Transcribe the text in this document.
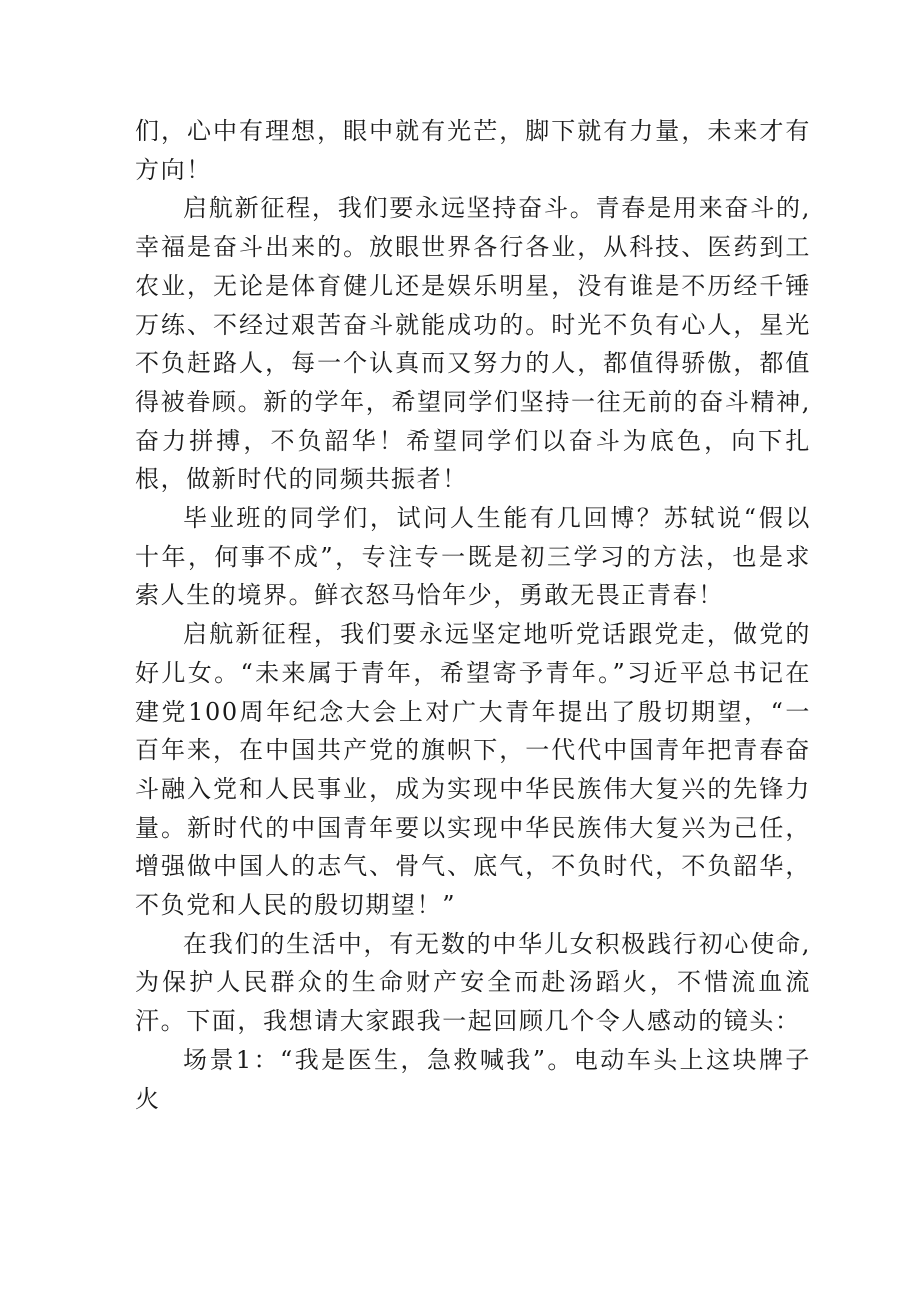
们，心中有理想，眼中就有光芒，脚下就有力量，未来才有方向！

启航新征程，我们要永远坚持奋斗。青春是用来奋斗的,幸福是奋斗出来的。放眼世界各行各业，从科技、医药到工农业，无论是体育健儿还是娱乐明星，没有谁是不历经千锤万练、不经过艰苦奋斗就能成功的。时光不负有心人，星光不负赶路人，每一个认真而又努力的人，都值得骄傲，都值得被眷顾。新的学年，希望同学们坚持一往无前的奋斗精神,奋力拼搏，不负韶华！希望同学们以奋斗为底色，向下扎根，做新时代的同频共振者！

毕业班的同学们，试问人生能有几回博？苏轼说“假以十年，何事不成”，专注专一既是初三学习的方法，也是求索人生的境界。鲜衣怒马恰年少，勇敢无畏正青春！

启航新征程，我们要永远坚定地听党话跟党走，做党的好儿女。“未来属于青年，希望寄予青年。”习近平总书记在建党100周年纪念大会上对广大青年提出了殷切期望，“一百年来，在中国共产党的旗帜下，一代代中国青年把青春奋斗融入党和人民事业，成为实现中华民族伟大复兴的先锋力量。新时代的中国青年要以实现中华民族伟大复兴为己任，增强做中国人的志气、骨气、底气，不负时代，不负韶华，不负党和人民的殷切期望！”

在我们的生活中，有无数的中华儿女积极践行初心使命,为保护人民群众的生命财产安全而赴汤蹈火，不惜流血流汗。下面，我想请大家跟我一起回顾几个令人感动的镜头：

场景1：“我是医生，急救喊我”。电动车头上这块牌子火
